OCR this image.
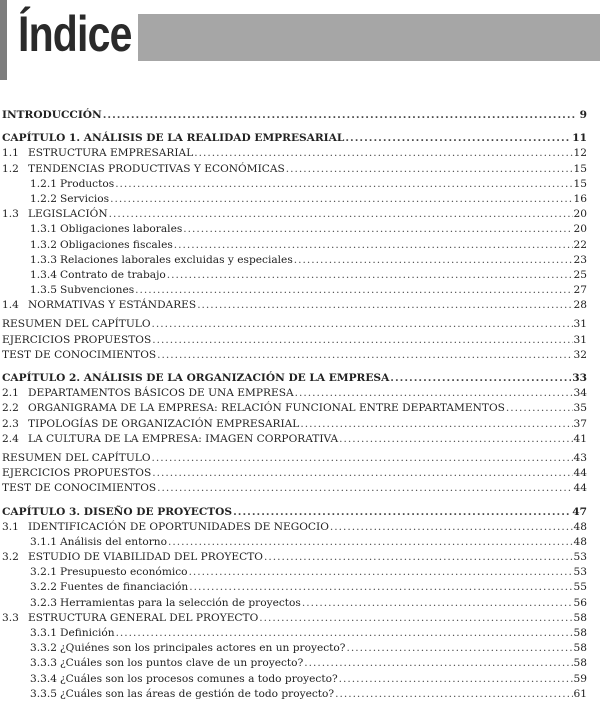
Índice
INTRODUCCIÓN .....	9
CAPÍTULO 1. ANÁLISIS DE LA REALIDAD EMPRESARIAL .....	11
1.1 ESTRUCTURA EMPRESARIAL .....	12
1.2 TENDENCIAS PRODUCTIVAS Y ECONÓMICAS .....	15
1.2.1 Productos .....	15
1.2.2 Servicios .....	16
1.3 LEGISLACIÓN .....	20
1.3.1 Obligaciones laborales .....	20
1.3.2 Obligaciones fiscales .....	22
1.3.3 Relaciones laborales excluidas y especiales .....	23
1.3.4 Contrato de trabajo .....	25
1.3.5 Subvenciones .....	27
1.4 NORMATIVAS Y ESTÁNDARES .....	28
RESUMEN DEL CAPÍTULO .....	31
EJERCICIOS PROPUESTOS .....	31
TEST DE CONOCIMIENTOS .....	32
CAPÍTULO 2. ANÁLISIS DE LA ORGANIZACIÓN DE LA EMPRESA .....	33
2.1 DEPARTAMENTOS BÁSICOS DE UNA EMPRESA .....	34
2.2 ORGANIGRAMA DE LA EMPRESA: RELACIÓN FUNCIONAL ENTRE DEPARTAMENTOS .....	35
2.3 TIPOLOGÍAS DE ORGANIZACIÓN EMPRESARIAL .....	37
2.4 LA CULTURA DE LA EMPRESA: IMAGEN CORPORATIVA .....	41
RESUMEN DEL CAPÍTULO .....	43
EJERCICIOS PROPUESTOS .....	44
TEST DE CONOCIMIENTOS .....	44
CAPÍTULO 3. DISEÑO DE PROYECTOS .....	47
3.1 IDENTIFICACIÓN DE OPORTUNIDADES DE NEGOCIO .....	48
3.1.1 Análisis del entorno .....	48
3.2 ESTUDIO DE VIABILIDAD DEL PROYECTO .....	53
3.2.1 Presupuesto económico .....	53
3.2.2 Fuentes de financiación .....	55
3.2.3 Herramientas para la selección de proyectos .....	56
3.3 ESTRUCTURA GENERAL DEL PROYECTO .....	58
3.3.1 Definición .....	58
3.3.2 ¿Quiénes son los principales actores en un proyecto? .....	58
3.3.3 ¿Cuáles son los puntos clave de un proyecto? .....	58
3.3.4 ¿Cuáles son los procesos comunes a todo proyecto? .....	59
3.3.5 ¿Cuáles son las áreas de gestión de todo proyecto? .....	61
